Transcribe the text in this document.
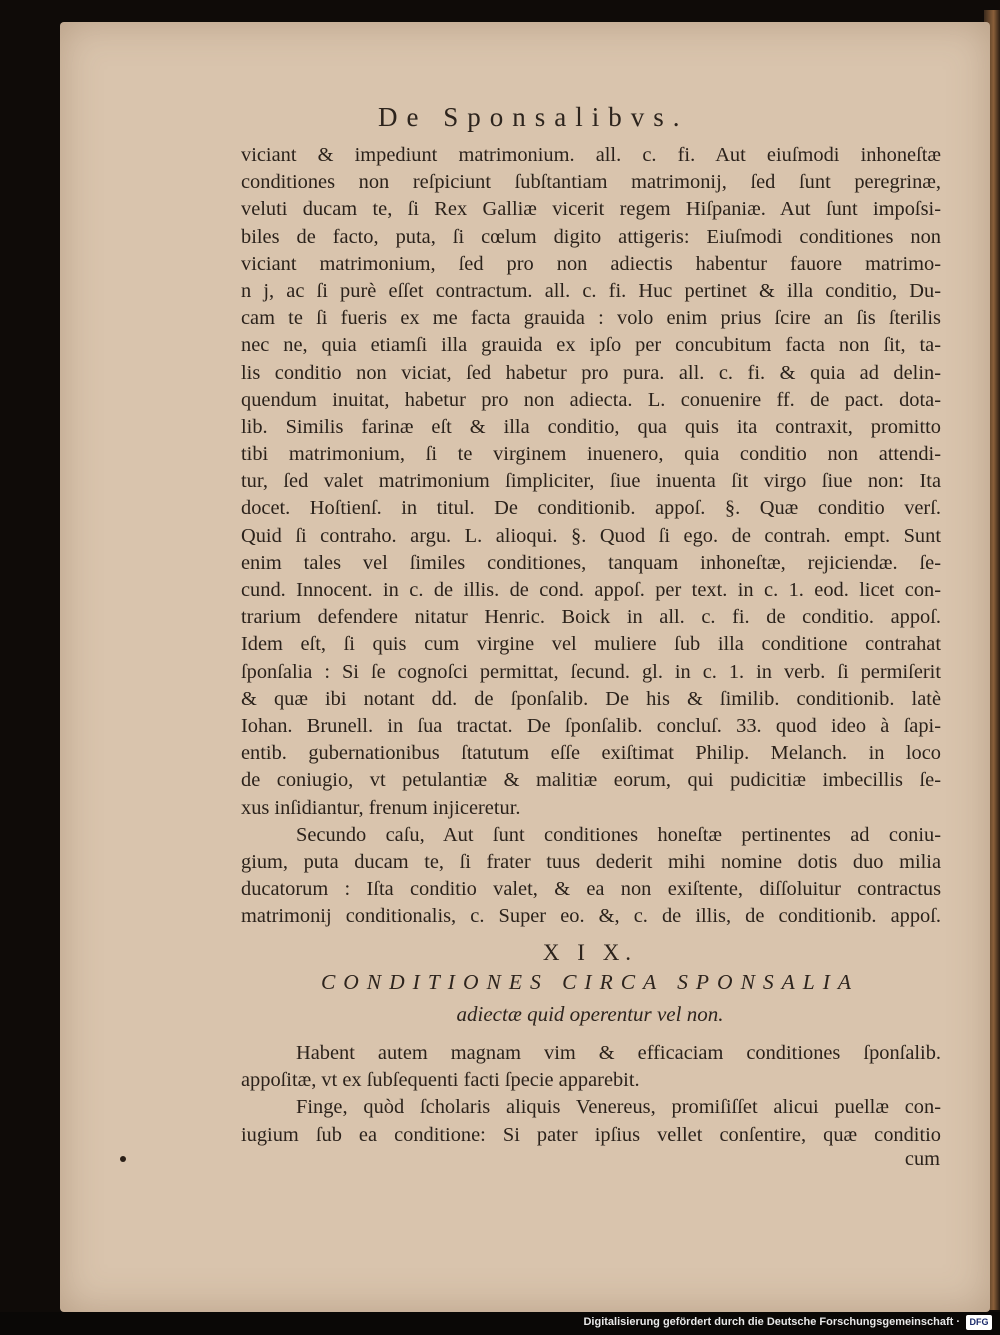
De Sponsalibvs.
viciant & impediunt matrimonium. all. c. fi. Aut eiuſmodi inhoneſtæ
conditiones non reſpiciunt ſubſtantiam matrimonij, ſed ſunt peregrinæ,
veluti ducam te, ſi Rex Galliæ vicerit regem Hiſpaniæ. Aut ſunt impoſsi-
biles de facto, puta, ſi cœlum digito attigeris: Eiuſmodi conditiones non
viciant matrimonium, ſed pro non adiectis habentur fauore matrimo-
n j, ac ſi purè eſſet contractum. all. c. fi. Huc pertinet & illa conditio, Du-
cam te ſi fueris ex me facta grauida : volo enim prius ſcire an ſis ſterilis
nec ne, quia etiamſi illa grauida ex ipſo per concubitum facta non ſit, ta-
lis conditio non viciat, ſed habetur pro pura. all. c. fi. & quia ad delin-
quendum inuitat, habetur pro non adiecta. L. conuenire ff. de pact. dota-
lib. Similis farinæ eſt & illa conditio, qua quis ita contraxit, promitto
tibi matrimonium, ſi te virginem inuenero, quia conditio non attendi-
tur, ſed valet matrimonium ſimpliciter, ſiue inuenta ſit virgo ſiue non: Ita
docet. Hoſtienſ. in titul. De conditionib. appoſ. §. Quæ conditio verſ.
Quid ſi contraho. argu. L. alioqui. §. Quod ſi ego. de contrah. empt. Sunt
enim tales vel ſimiles conditiones, tanquam inhoneſtæ, rejiciendæ. ſe-
cund. Innocent. in c. de illis. de cond. appoſ. per text. in c. 1. eod. licet con-
trarium defendere nitatur Henric. Boick in all. c. fi. de conditio. appoſ.
Idem eſt, ſi quis cum virgine vel muliere ſub illa conditione contrahat
ſponſalia : Si ſe cognoſci permittat, ſecund. gl. in c. 1. in verb. ſi permiſerit
& quæ ibi notant dd. de ſponſalib. De his & ſimilib. conditionib. latè
Iohan. Brunell. in ſua tractat. De ſponſalib. concluſ. 33. quod ideo à ſapi-
entib. gubernationibus ſtatutum eſſe exiſtimat Philip. Melanch. in loco
de coniugio, vt petulantiæ & malitiæ eorum, qui pudicitiæ imbecillis ſe-
xus inſidiantur, frenum injiceretur.
Secundo caſu, Aut ſunt conditiones honeſtæ pertinentes ad coniu-
gium, puta ducam te, ſi frater tuus dederit mihi nomine dotis duo milia
ducatorum : Iſta conditio valet, & ea non exiſtente, diſſoluitur contractus
matrimonij conditionalis, c. Super eo. &, c. de illis, de conditionib. appoſ.
X I X.
CONDITIONES CIRCA SPONSALIA
adiectæ quid operentur vel non.
Habent autem magnam vim & efficaciam conditiones ſponſalib.
appoſitæ, vt ex ſubſequenti facti ſpecie apparebit.
Finge, quòd ſcholaris aliquis Venereus, promiſiſſet alicui puellæ con-
iugium ſub ea conditione: Si pater ipſius vellet conſentire, quæ conditio
cum
Digitalisierung gefördert durch die Deutsche Forschungsgemeinschaft ·	DFG
